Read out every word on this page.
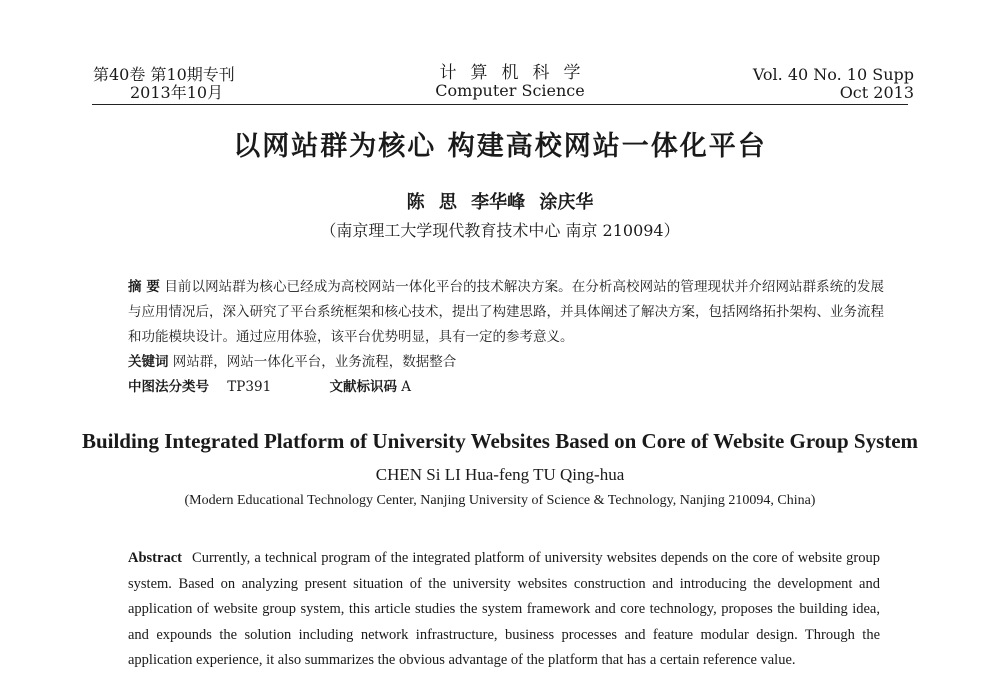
第40卷 第10期专刊
2013年10月
计算机科学
Computer Science
Vol. 40 No. 10 Supp
Oct 2013
以网站群为核心 构建高校网站一体化平台
陈 思 李华峰 涂庆华
（南京理工大学现代教育技术中心 南京 210094）
摘 要 目前以网站群为核心已经成为高校网站一体化平台的技术解决方案。在分析高校网站的管理现状并介绍网站群系统的发展与应用情况后，深入研究了平台系统框架和核心技术，提出了构建思路，并具体阐述了解决方案，包括网络拓扑架构、业务流程和功能模块设计。通过应用体验，该平台优势明显，具有一定的参考意义。
关键词 网站群，网站一体化平台，业务流程，数据整合
中图法分类号 TP391	文献标识码 A
Building Integrated Platform of University Websites Based on Core of Website Group System
CHEN Si LI Hua-feng TU Qing-hua
(Modern Educational Technology Center, Nanjing University of Science & Technology, Nanjing 210094, China)
Abstract Currently, a technical program of the integrated platform of university websites depends on the core of website group system. Based on analyzing present situation of the university websites construction and introducing the development and application of website group system, this article studies the system framework and core technology, proposes the building idea, and expounds the solution including network infrastructure, business processes and feature modular design. Through the application experience, it also summarizes the obvious advantage of the platform that has a certain reference value.
